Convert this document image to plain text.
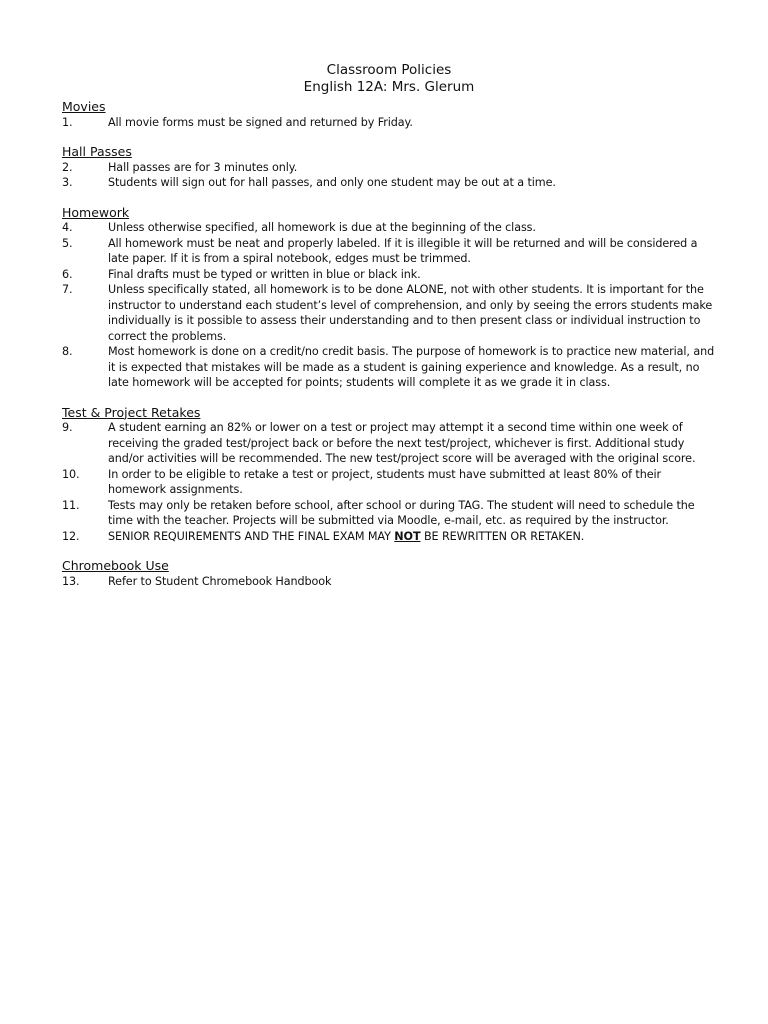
Classroom Policies
English 12A: Mrs. Glerum
Movies
1.	All movie forms must be signed and returned by Friday.
Hall Passes
2.	Hall passes are for 3 minutes only.
3.	Students will sign out for hall passes, and only one student may be out at a time.
Homework
4.	Unless otherwise specified, all homework is due at the beginning of the class.
5.	All homework must be neat and properly labeled. If it is illegible it will be returned and will be considered a late paper. If it is from a spiral notebook, edges must be trimmed.
6.	Final drafts must be typed or written in blue or black ink.
7.	Unless specifically stated, all homework is to be done ALONE, not with other students. It is important for the instructor to understand each student’s level of comprehension, and only by seeing the errors students make individually is it possible to assess their understanding and to then present class or individual instruction to correct the problems.
8.	Most homework is done on a credit/no credit basis. The purpose of homework is to practice new material, and it is expected that mistakes will be made as a student is gaining experience and knowledge. As a result, no late homework will be accepted for points; students will complete it as we grade it in class.
Test & Project Retakes
9.	A student earning an 82% or lower on a test or project may attempt it a second time within one week of receiving the graded test/project back or before the next test/project, whichever is first. Additional study and/or activities will be recommended. The new test/project score will be averaged with the original score.
10.	In order to be eligible to retake a test or project, students must have submitted at least 80% of their homework assignments.
11.	Tests may only be retaken before school, after school or during TAG. The student will need to schedule the time with the teacher. Projects will be submitted via Moodle, e-mail, etc. as required by the instructor.
12.	SENIOR REQUIREMENTS AND THE FINAL EXAM MAY NOT BE REWRITTEN OR RETAKEN.
Chromebook Use
13.	Refer to Student Chromebook Handbook
